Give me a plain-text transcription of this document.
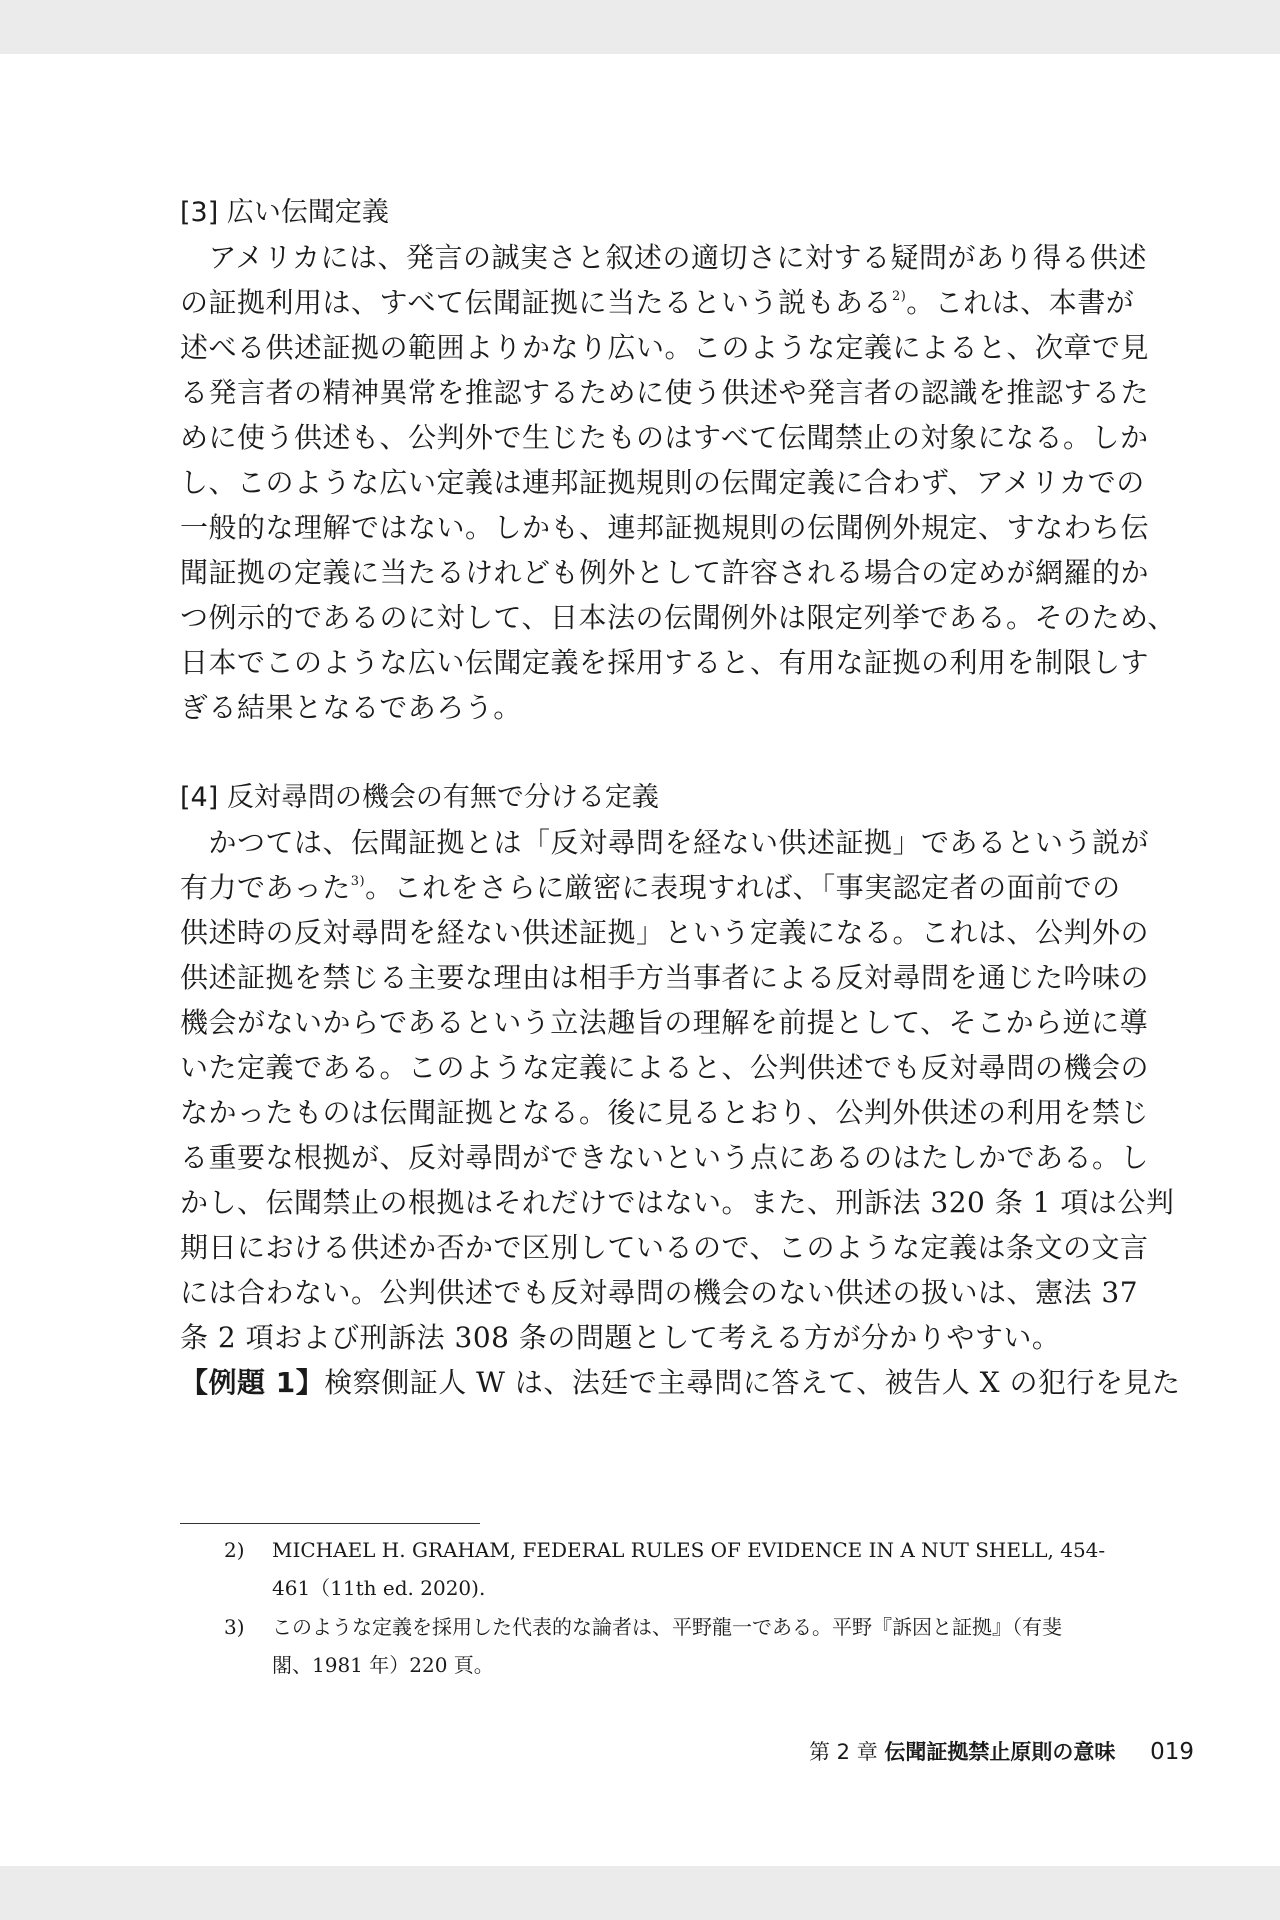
[3] 広い伝聞定義
　アメリカには、発言の誠実さと叙述の適切さに対する疑問があり得る供述
の証拠利用は、すべて伝聞証拠に当たるという説もある$^{2)}$。これは、本書が
述べる供述証拠の範囲よりかなり広い。このような定義によると、次章で見
る発言者の精神異常を推認するために使う供述や発言者の認識を推認するた
めに使う供述も、公判外で生じたものはすべて伝聞禁止の対象になる。しか
し、このような広い定義は連邦証拠規則の伝聞定義に合わず、アメリカでの
一般的な理解ではない。しかも、連邦証拠規則の伝聞例外規定、すなわち伝
聞証拠の定義に当たるけれども例外として許容される場合の定めが網羅的か
つ例示的であるのに対して、日本法の伝聞例外は限定列挙である。そのため、
日本でこのような広い伝聞定義を採用すると、有用な証拠の利用を制限しす
ぎる結果となるであろう。
[4] 反対尋問の機会の有無で分ける定義
　かつては、伝聞証拠とは「反対尋問を経ない供述証拠」であるという説が
有力であった$^{3)}$。これをさらに厳密に表現すれば、「事実認定者の面前での
供述時の反対尋問を経ない供述証拠」という定義になる。これは、公判外の
供述証拠を禁じる主要な理由は相手方当事者による反対尋問を通じた吟味の
機会がないからであるという立法趣旨の理解を前提として、そこから逆に導
いた定義である。このような定義によると、公判供述でも反対尋問の機会の
なかったものは伝聞証拠となる。後に見るとおり、公判外供述の利用を禁じ
る重要な根拠が、反対尋問ができないという点にあるのはたしかである。し
かし、伝聞禁止の根拠はそれだけではない。また、刑訴法 320 条 1 項は公判
期日における供述か否かで区別しているので、このような定義は条文の文言
には合わない。公判供述でも反対尋問の機会のない供述の扱いは、憲法 37
条 2 項および刑訴法 308 条の問題として考える方が分かりやすい。
【例題 1】検察側証人 W は、法廷で主尋問に答えて、被告人 X の犯行を見た
2)	MICHAEL H. GRAHAM, FEDERAL RULES OF EVIDENCE IN A NUT SHELL, 454-
461（11th ed. 2020).
3)	このような定義を採用した代表的な論者は、平野龍一である。平野『訴因と証拠』（有斐
閣、1981 年）220 頁。
第 2 章 伝聞証拠禁止原則の意味 019
